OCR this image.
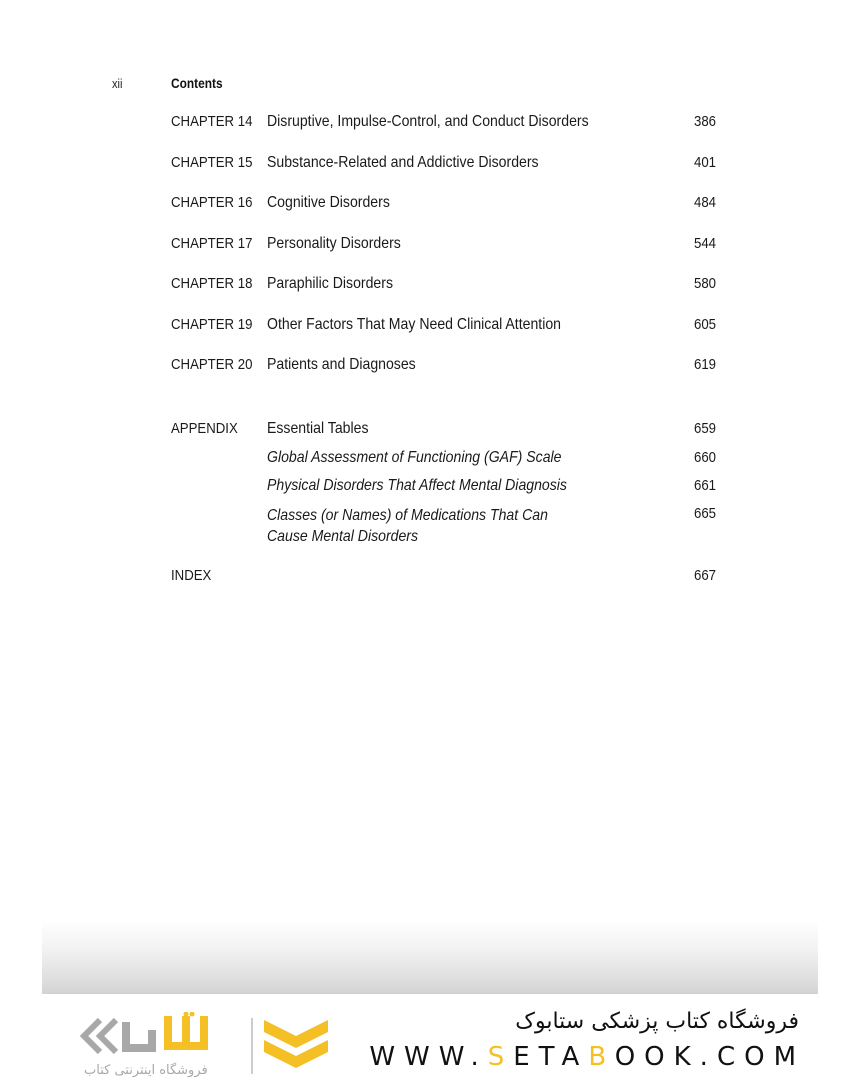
xii	Contents
CHAPTER 14 Disruptive, Impulse-Control, and Conduct Disorders	386
CHAPTER 15 Substance-Related and Addictive Disorders	401
CHAPTER 16 Cognitive Disorders	484
CHAPTER 17 Personality Disorders	544
CHAPTER 18 Paraphilic Disorders	580
CHAPTER 19 Other Factors That May Need Clinical Attention	605
CHAPTER 20 Patients and Diagnoses	619
APPENDIX Essential Tables	659
Global Assessment of Functioning (GAF) Scale	660
Physical Disorders That Affect Mental Diagnosis	661
Classes (or Names) of Medications That Can
Cause Mental Disorders
665
INDEX	667
فروشگاه اینترنتی کتاب
فروشگاه کتاب پزشکی ستابوک
WWW.SETABOOK.COM
